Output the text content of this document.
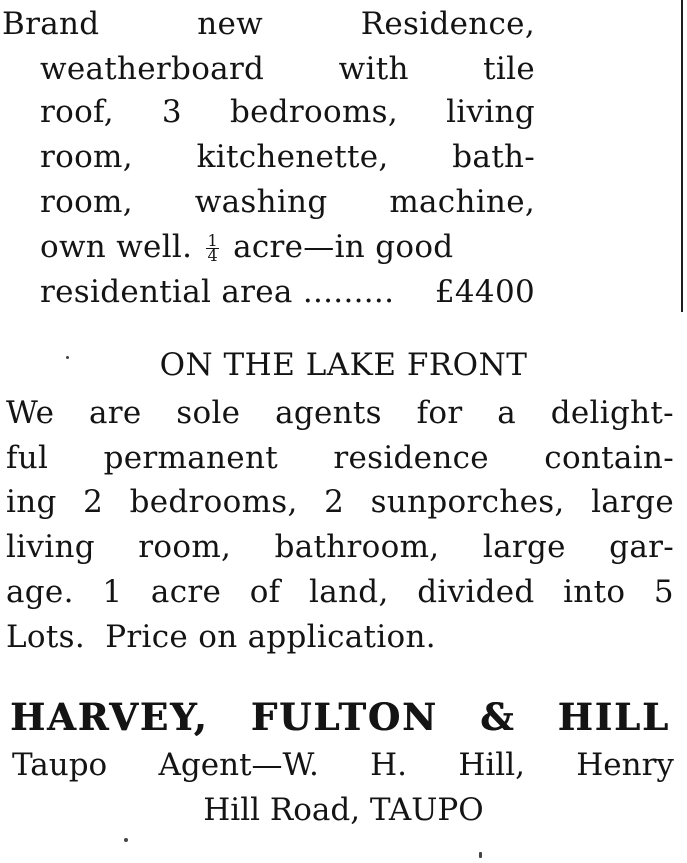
Brand	new	Residence,
weatherboard with tile
roof, 3 bedrooms, living
room, kitchenette, bath-
room, washing machine,
own well. $\frac{1}{4}$ acre—in good
residential area ......... £4400
ON THE LAKE FRONT
We are sole agents for a delight-
ful permanent residence contain-
ing 2 bedrooms, 2 sunporches, large
living room, bathroom, large gar-
age. 1 acre of land, divided into 5
Lots.  Price on application.
HARVEY, FULTON & HILL
Taupo Agent—W. H. Hill, Henry
Hill Road, TAUPO
